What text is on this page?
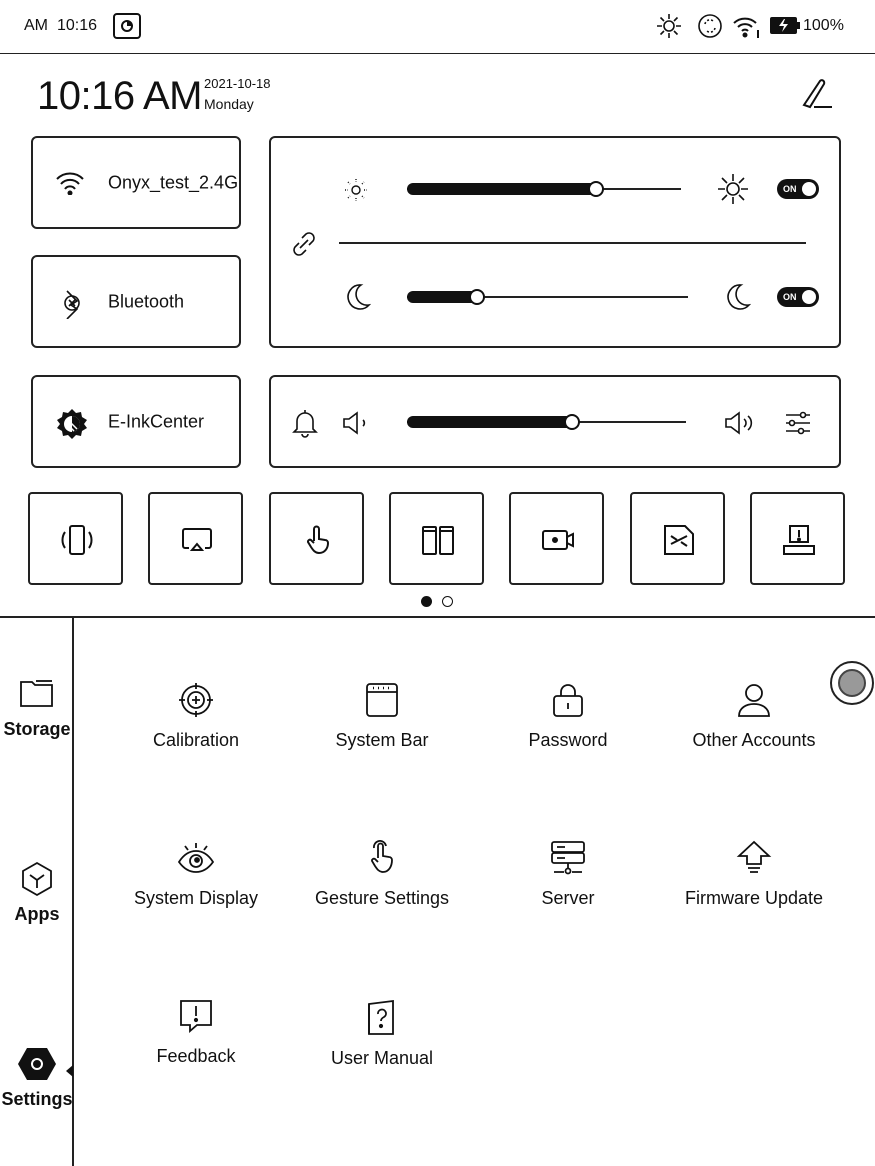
AM 10:16	100%
10:16 AM 2021-10-18
Monday
Onyx_test_2.4G
Bluetooth
E-InkCenter
ON
ON
Storage
Apps
Settings
Calibration	System Bar	Password	Other Accounts
System Display	Gesture Settings	Server	Firmware Update
Feedback	User Manual
